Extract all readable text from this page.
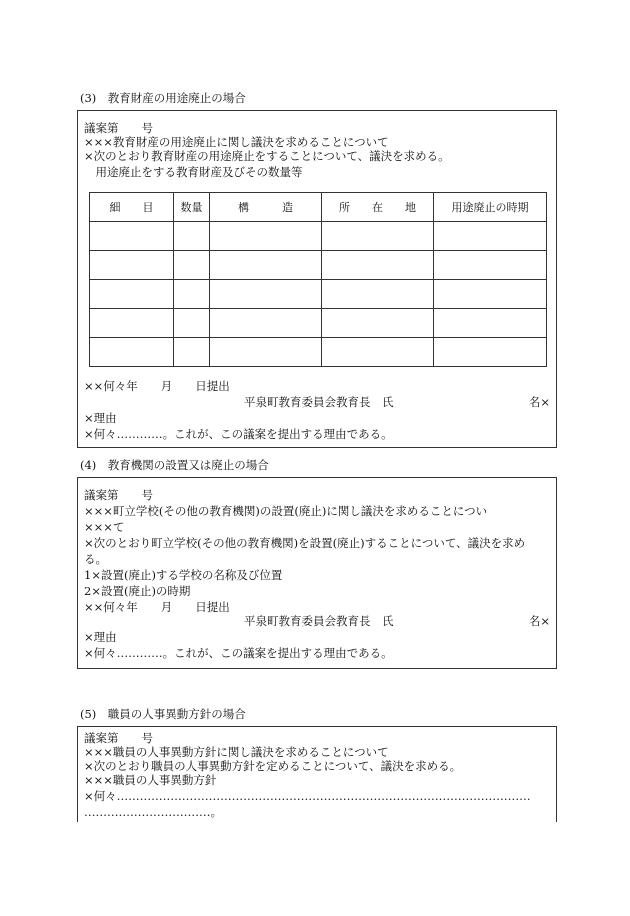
(3)　教育財産の用途廃止の場合
議案第　　号
×××教育財産の用途廃止に関し議決を求めることについて
×次のとおり教育財産の用途廃止をすることについて、議決を求める。
　用途廃止をする教育財産及びその数量等
細　　目	数量	構　　　造	所　　在　　地	用途廃止の時期

××何々年　　月　　日提出
平泉町教育委員会教育長　氏	名×
×理由
×何々…………。これが、この議案を提出する理由である。
(4)　教育機関の設置又は廃止の場合
議案第　　号
×××町立学校(その他の教育機関)の設置(廃止)に関し議決を求めることについ
×××て
×次のとおり町立学校(その他の教育機関)を設置(廃止)することについて、議決を求め
る。
1×設置(廃止)する学校の名称及び位置
2×設置(廃止)の時期
××何々年　　月　　日提出
平泉町教育委員会教育長　氏	名×
×理由
×何々…………。これが、この議案を提出する理由である。
(5)　職員の人事異動方針の場合
議案第　　号
×××職員の人事異動方針に関し議決を求めることについて
×次のとおり職員の人事異動方針を定めることについて、議決を求める。
×××職員の人事異動方針
×何々………………………………………………………………………………………………
……………………………。
